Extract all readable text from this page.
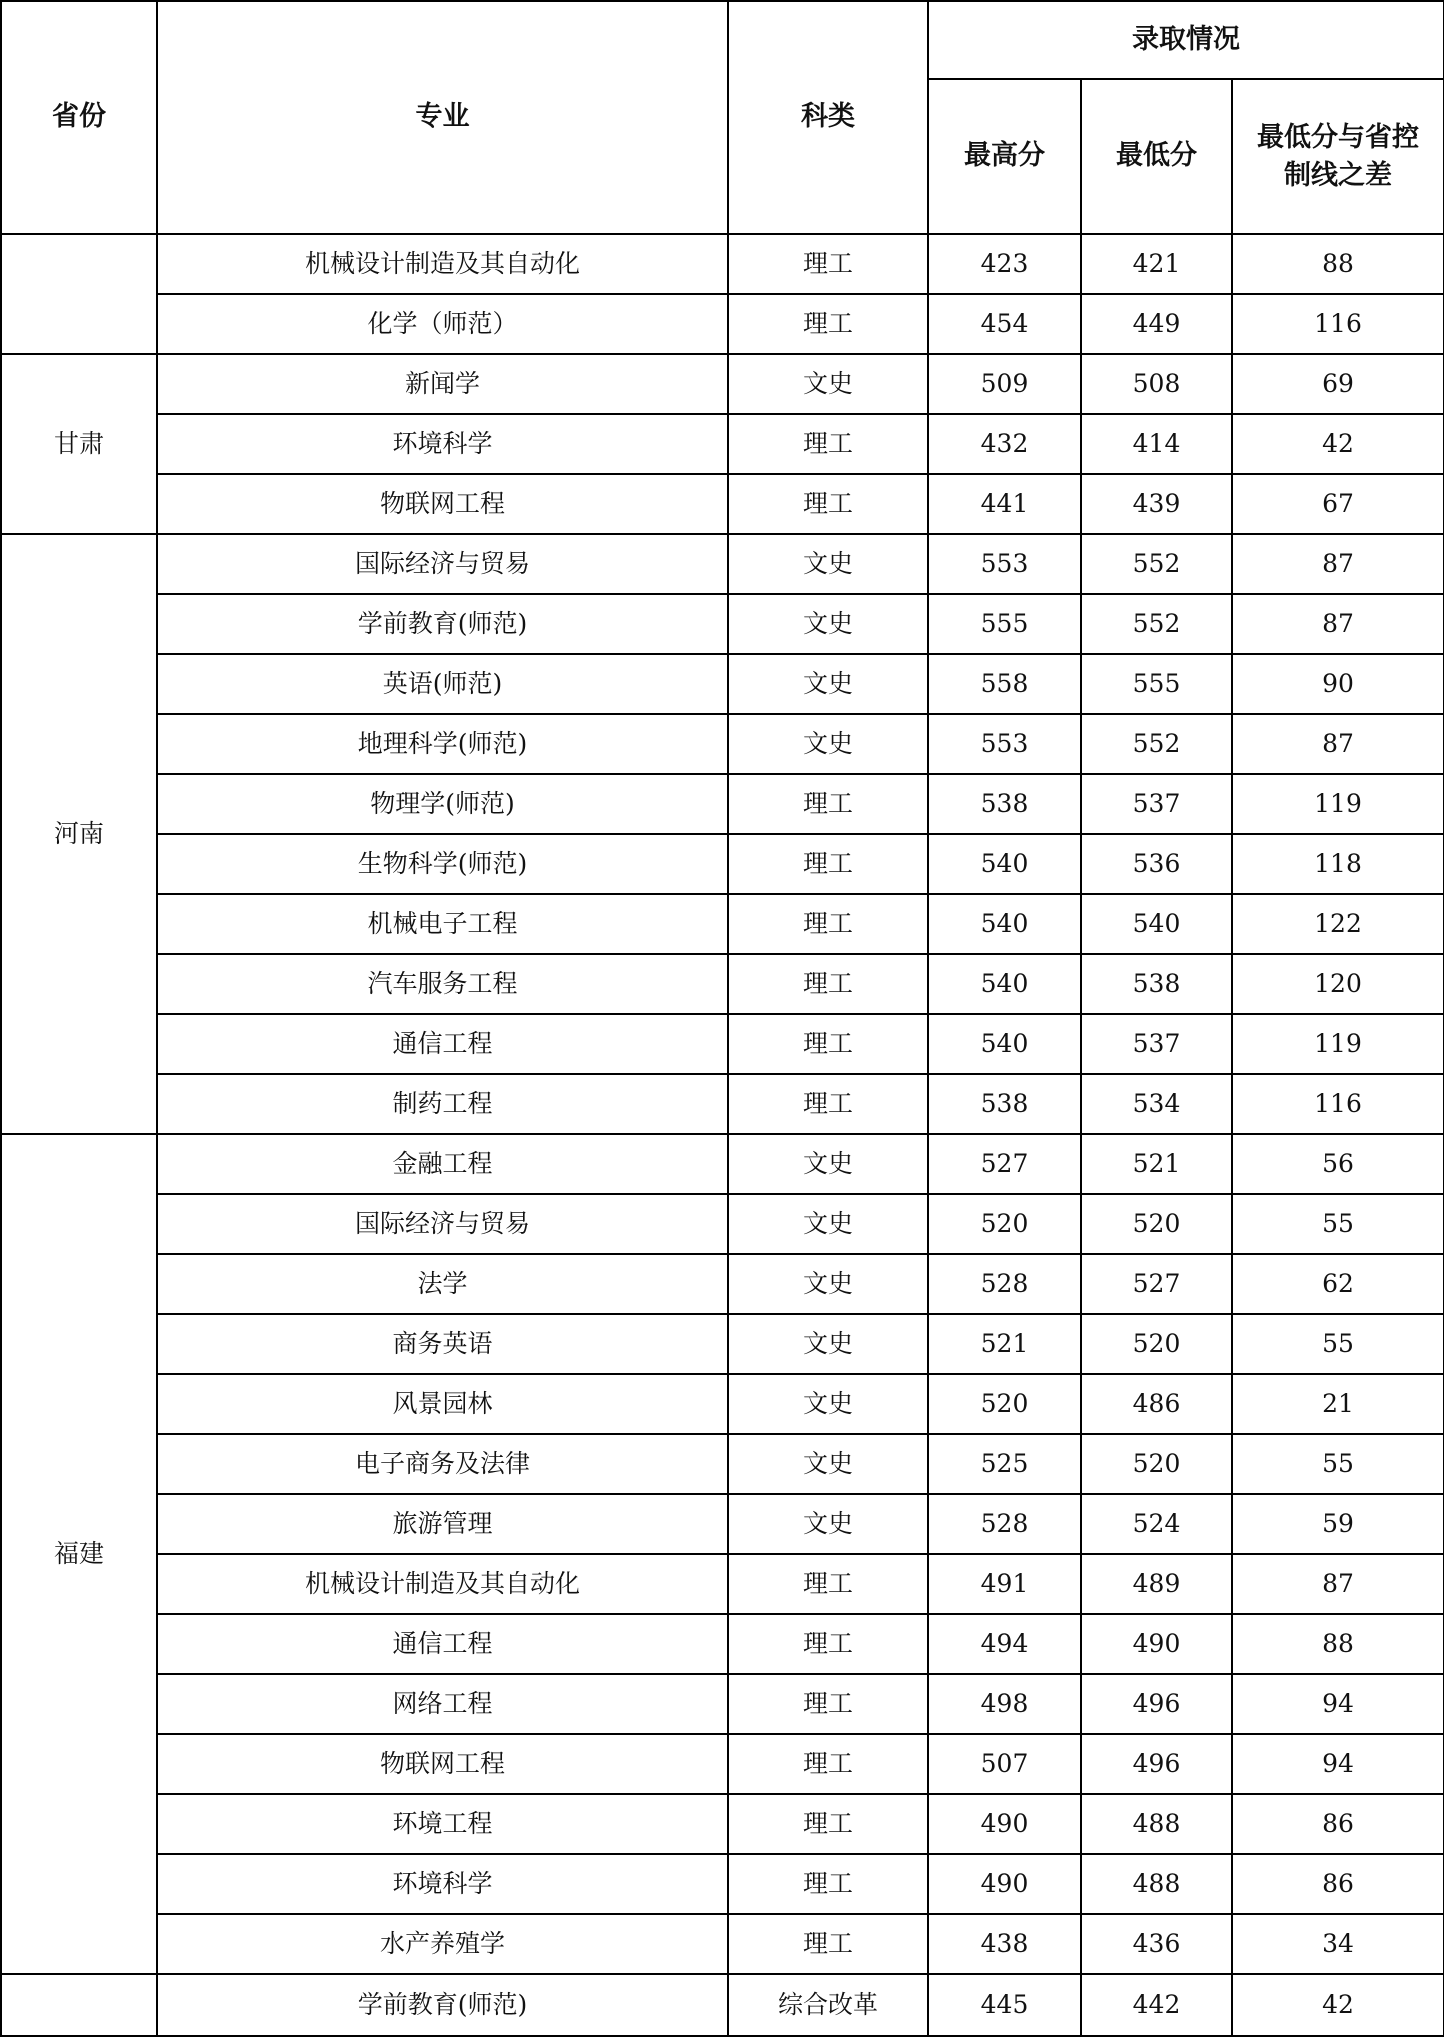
省份	专业	科类	录取情况		
			最高分	最低分	最低分与省控制线之差
	机械设计制造及其自动化	理工	423	421	88
	化学（师范）	理工	454	449	116
甘肃	新闻学	文史	509	508	69
	环境科学	理工	432	414	42
	物联网工程	理工	441	439	67
河南	国际经济与贸易	文史	553	552	87
	学前教育(师范)	文史	555	552	87
	英语(师范)	文史	558	555	90
	地理科学(师范)	文史	553	552	87
	物理学(师范)	理工	538	537	119
	生物科学(师范)	理工	540	536	118
	机械电子工程	理工	540	540	122
	汽车服务工程	理工	540	538	120
	通信工程	理工	540	537	119
	制药工程	理工	538	534	116
福建	金融工程	文史	527	521	56
	国际经济与贸易	文史	520	520	55
	法学	文史	528	527	62
	商务英语	文史	521	520	55
	风景园林	文史	520	486	21
	电子商务及法律	文史	525	520	55
	旅游管理	文史	528	524	59
	机械设计制造及其自动化	理工	491	489	87
	通信工程	理工	494	490	88
	网络工程	理工	498	496	94
	物联网工程	理工	507	496	94
	环境工程	理工	490	488	86
	环境科学	理工	490	488	86
	水产养殖学	理工	438	436	34
	学前教育(师范)	综合改革	445	442	42
